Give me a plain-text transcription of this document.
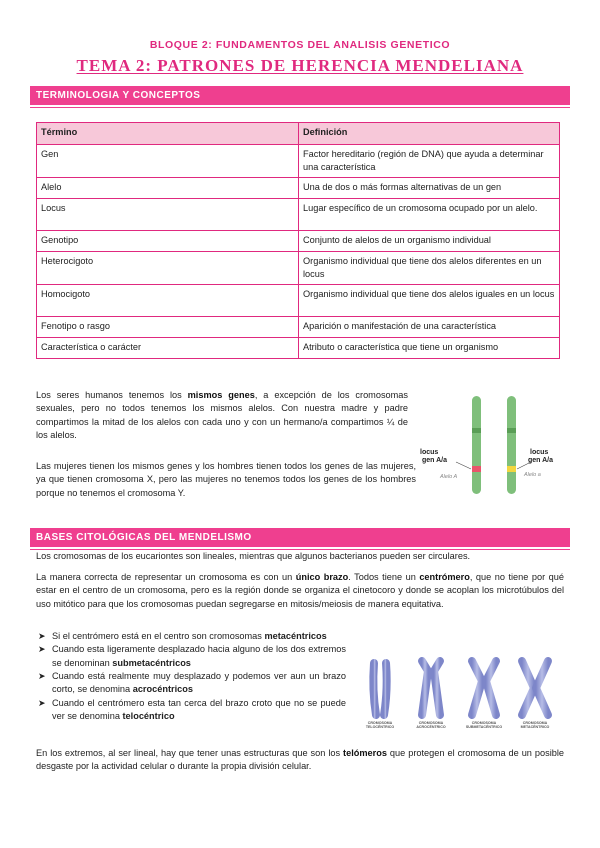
BLOQUE 2: FUNDAMENTOS DEL ANALISIS GENETICO
TEMA 2: PATRONES DE HERENCIA MENDELIANA
TERMINOLOGIA Y CONCEPTOS
Término	Definición
Gen	Factor hereditario (región de DNA) que ayuda a determinar una característica
Alelo	Una de dos o más formas alternativas de un gen
Locus	Lugar específico de un cromosoma ocupado por un alelo.
Genotipo	Conjunto de alelos de un organismo individual
Heterocigoto	Organismo individual que tiene dos alelos diferentes en un locus
Homocigoto	Organismo individual que tiene dos alelos iguales en un locus
Fenotipo o rasgo	Aparición o manifestación de una característica
Característica o carácter	Atributo o característica que tiene un organismo

Los seres humanos tenemos los mismos genes, a excepción de los cromosomas sexuales, pero no todos tenemos los mismos alelos. Con nuestra madre y padre compartimos la mitad de los alelos con cada uno y con un hermano/a compartimos ¼ de los alelos.

Las mujeres tienen los mismos genes y los hombres tienen todos los genes de las mujeres, ya que tienen cromosoma X, pero las mujeres no tenemos todos los genes de los hombres porque no tenemos el cromosoma Y.

locus
gen A/a
Alelo A
locus
gen A/a
Alelo a
BASES CITOLÓGICAS DEL MENDELISMO

Los cromosomas de los eucariontes son lineales, mientras que algunos bacterianos pueden ser circulares.

La manera correcta de representar un cromosoma es con un único brazo. Todos tiene un centrómero, que no tiene por qué estar en el centro de un cromosoma, pero es la región donde se organiza el cinetocoro y donde se acoplan los microtúbulos del uso mitótico para que los cromosomas puedan segregarse en mitosis/meiosis de manera equitativa.

➤ Si el centrómero está en el centro son cromosomas metacéntricos
➤ Cuando esta ligeramente desplazado hacia alguno de los dos extremos se denominan submetacéntricos
➤ Cuando está realmente muy desplazado y podemos ver aun un brazo corto, se denomina acrocéntricos
➤ Cuando el centrómero esta tan cerca del brazo croto que no se puede ver se denomina telocéntrico
CROMOSOMA TELOCÉNTRICO
CROMOSOMA ACROCÉNTRICO
CROMOSOMA SUBMETACÉNTRICO
CROMOSOMA METACÉNTRICO

En los extremos, al ser lineal, hay que tener unas estructuras que son los telómeros que protegen el cromosoma de un posible desgaste por la actividad celular o durante la propia división celular.
